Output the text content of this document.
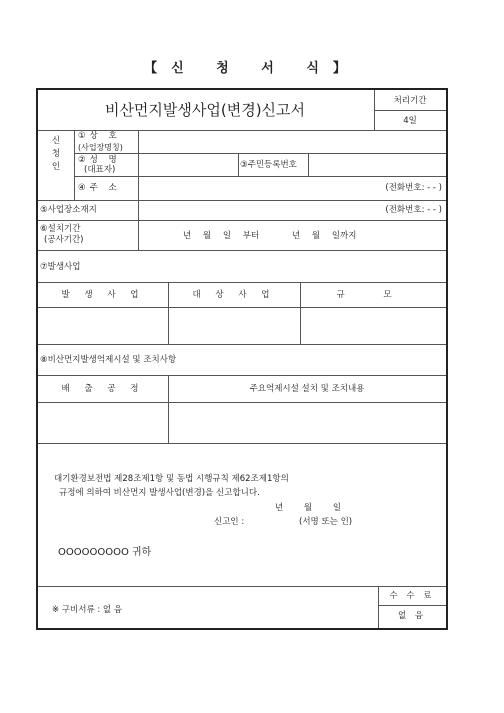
【신 청 서 식】
비산먼지발생사업(변경)신고서	처리기간
4일
신청인
①상 호
(사업장명칭)
②성 명
(대표자)	③주민등록번호
④주 소	(전화번호: - - )
⑤사업장소재지	(전화번호: - - )
⑥설치기간
(공사기간)	년 월 일 부터	년 월 일까지
⑦발생사업
발 생 사 업	대 상 사 업	규 모
⑧비산먼지발생억제시설 및 조치사항
배 출 공 정	주요억제시설 설치 및 조치내용
대기환경보전법 제28조제1항 및 동법 시행규칙 제62조제1항의
규정에 의하여 비산먼지 발생사업(변경)을 신고합니다.
년 월 일
신고인 :	(서명 또는 인)
OOOOOOOOO 귀하
※ 구비서류 : 없 음
수 수 료
없 음
